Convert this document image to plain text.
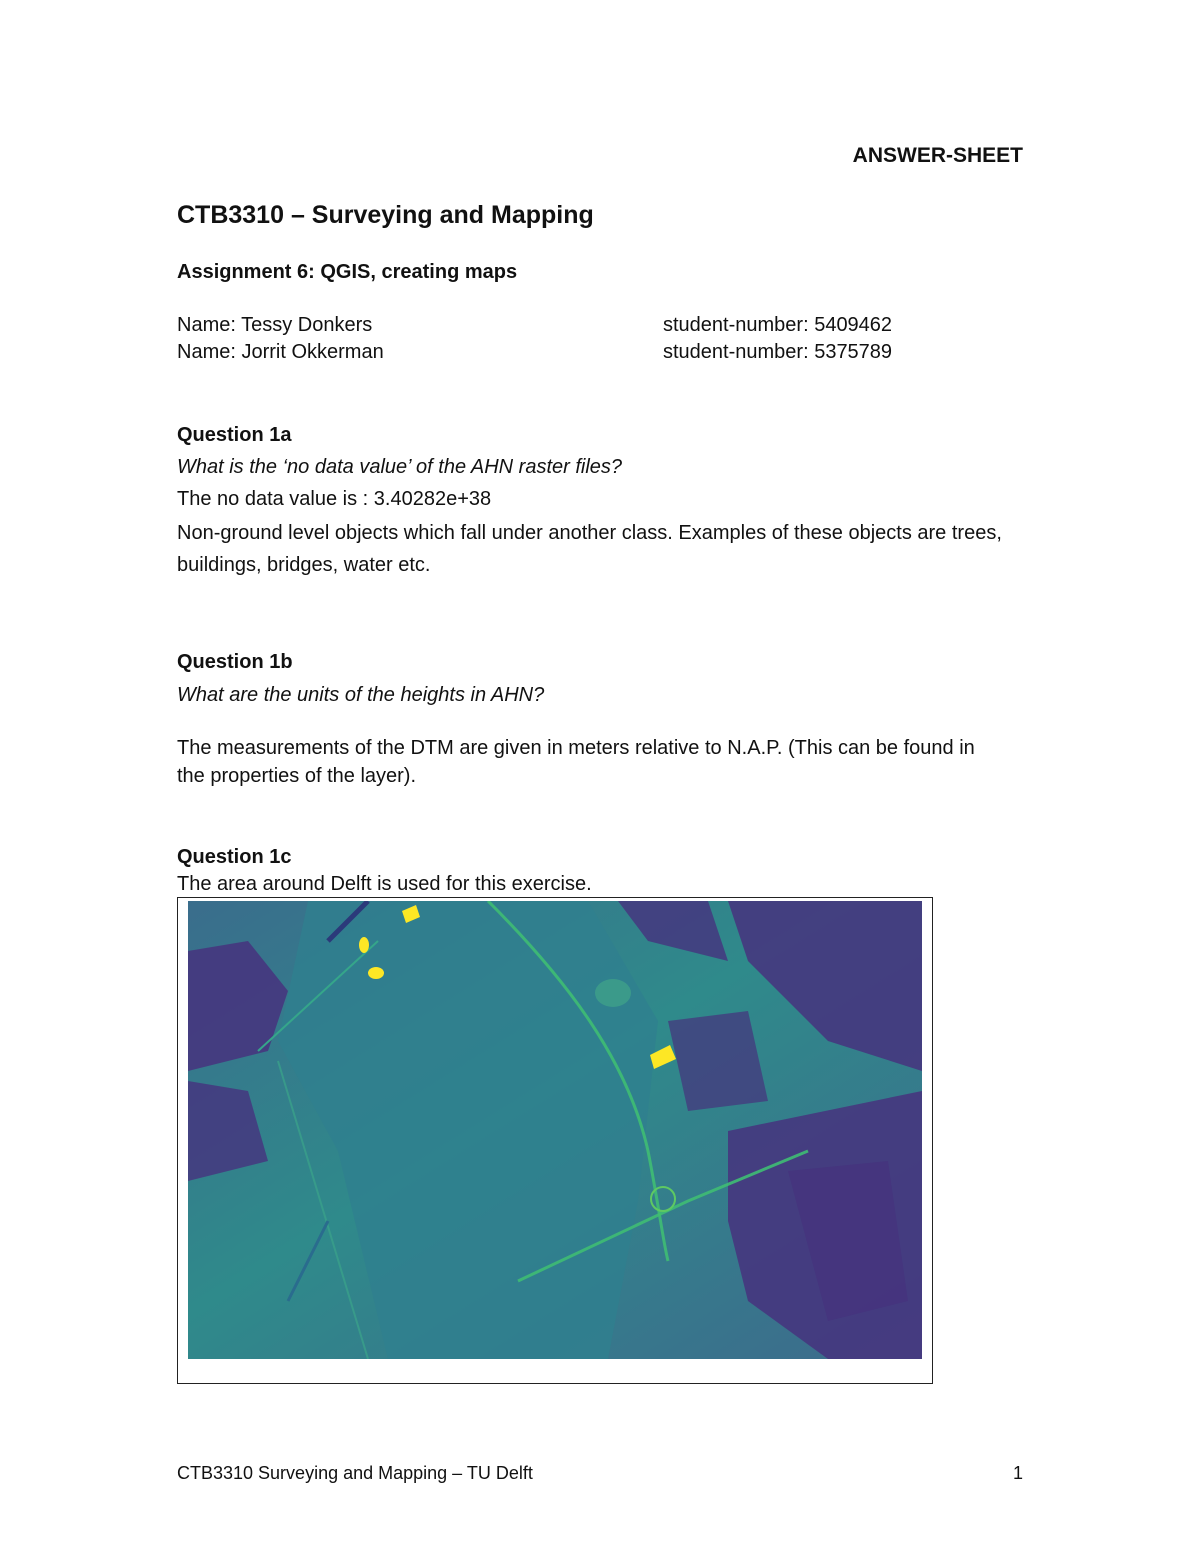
ANSWER-SHEET

CTB3310 – Surveying and Mapping
Assignment 6: QGIS, creating maps
Name: Tessy Donkers	student-number: 5409462
Name: Jorrit Okkerman	student-number: 5375789
Question 1a

What is the ‘no data value’ of the AHN raster files?

The no data value is : 3.40282e+38

Non-ground level objects which fall under another class. Examples of these objects are trees, buildings, bridges, water etc.

Question 1b

What are the units of the heights in AHN?

The measurements of the DTM are given in meters relative to N.A.P. (This can be found in the properties of the layer).

Question 1c

The area around Delft is used for this exercise.

CTB3310 Surveying and Mapping – TU Delft	1
